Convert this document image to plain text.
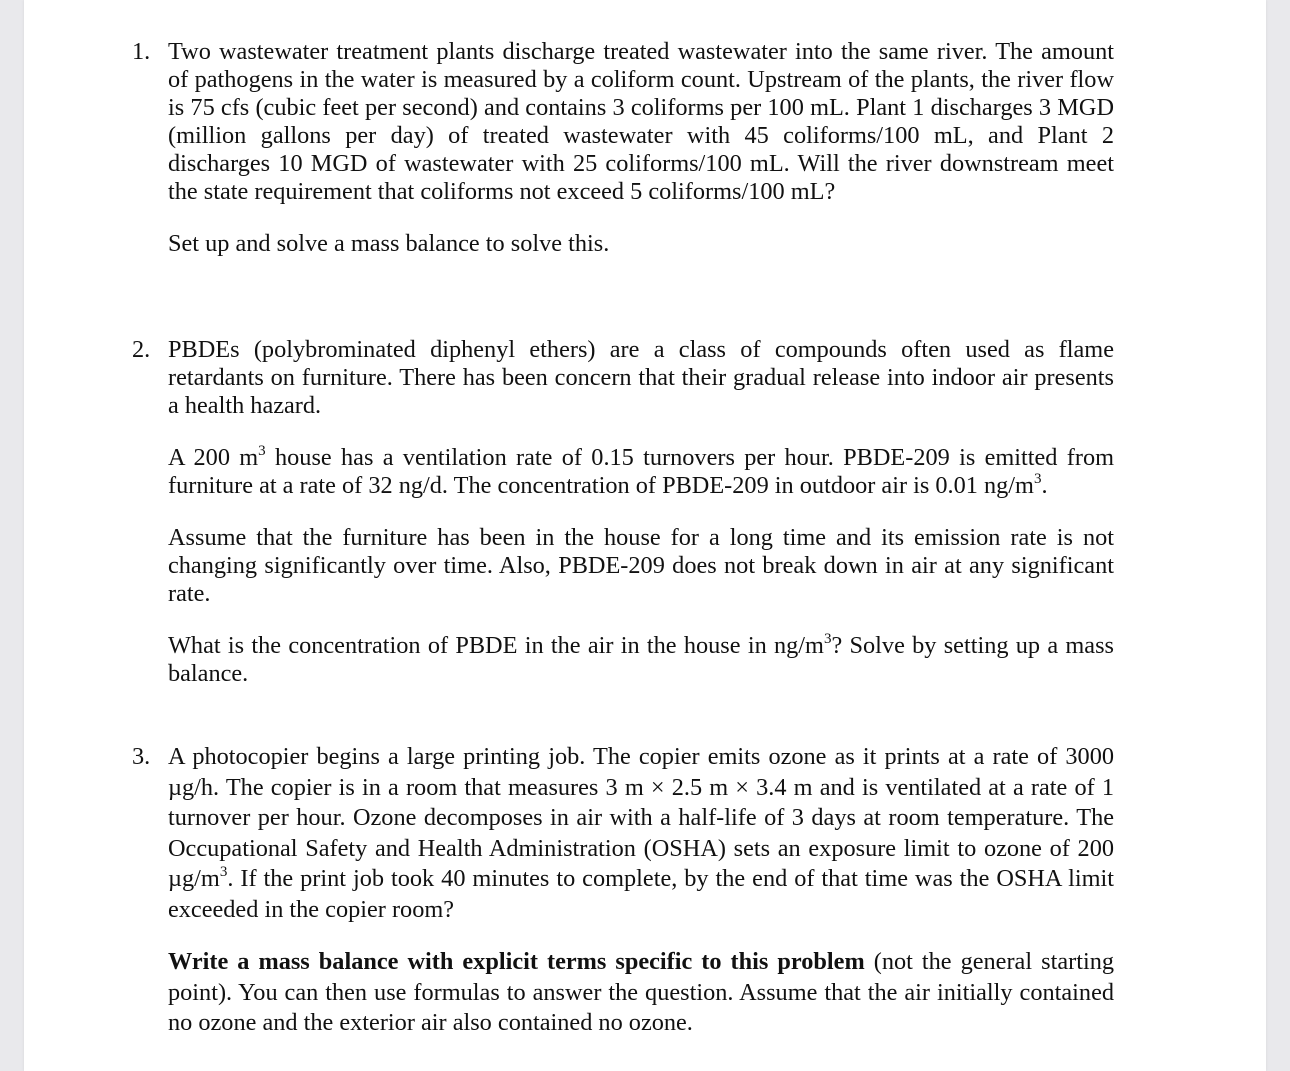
1. Two wastewater treatment plants discharge treated wastewater into the same river. The amount of pathogens in the water is measured by a coliform count. Upstream of the plants, the river flow is 75 cfs (cubic feet per second) and contains 3 coliforms per 100 mL. Plant 1 discharges 3 MGD (million gallons per day) of treated wastewater with 45 coliforms/100 mL, and Plant 2 discharges 10 MGD of wastewater with 25 coliforms/100 mL. Will the river downstream meet the state requirement that coliforms not exceed 5 coliforms/100 mL?

Set up and solve a mass balance to solve this.

2. PBDEs (polybrominated diphenyl ethers) are a class of compounds often used as flame retardants on furniture. There has been concern that their gradual release into indoor air presents a health hazard.

A 200 $m^3$ house has a ventilation rate of 0.15 turnovers per hour. PBDE-209 is emitted from furniture at a rate of 32 ng/d. The concentration of PBDE-209 in outdoor air is 0.01 $ng/m^3$.

Assume that the furniture has been in the house for a long time and its emission rate is not changing significantly over time. Also, PBDE-209 does not break down in air at any significant rate.

What is the concentration of PBDE in the air in the house in $ng/m^3$? Solve by setting up a mass balance.

3. A photocopier begins a large printing job. The copier emits ozone as it prints at a rate of 3000 µg/h. The copier is in a room that measures 3 m × 2.5 m × 3.4 m and is ventilated at a rate of 1 turnover per hour. Ozone decomposes in air with a half-life of 3 days at room temperature. The Occupational Safety and Health Administration (OSHA) sets an exposure limit to ozone of 200 $\mu g/m^3$. If the print job took 40 minutes to complete, by the end of that time was the OSHA limit exceeded in the copier room?

Write a mass balance with explicit terms specific to this problem (not the general starting point). You can then use formulas to answer the question. Assume that the air initially contained no ozone and the exterior air also contained no ozone.
